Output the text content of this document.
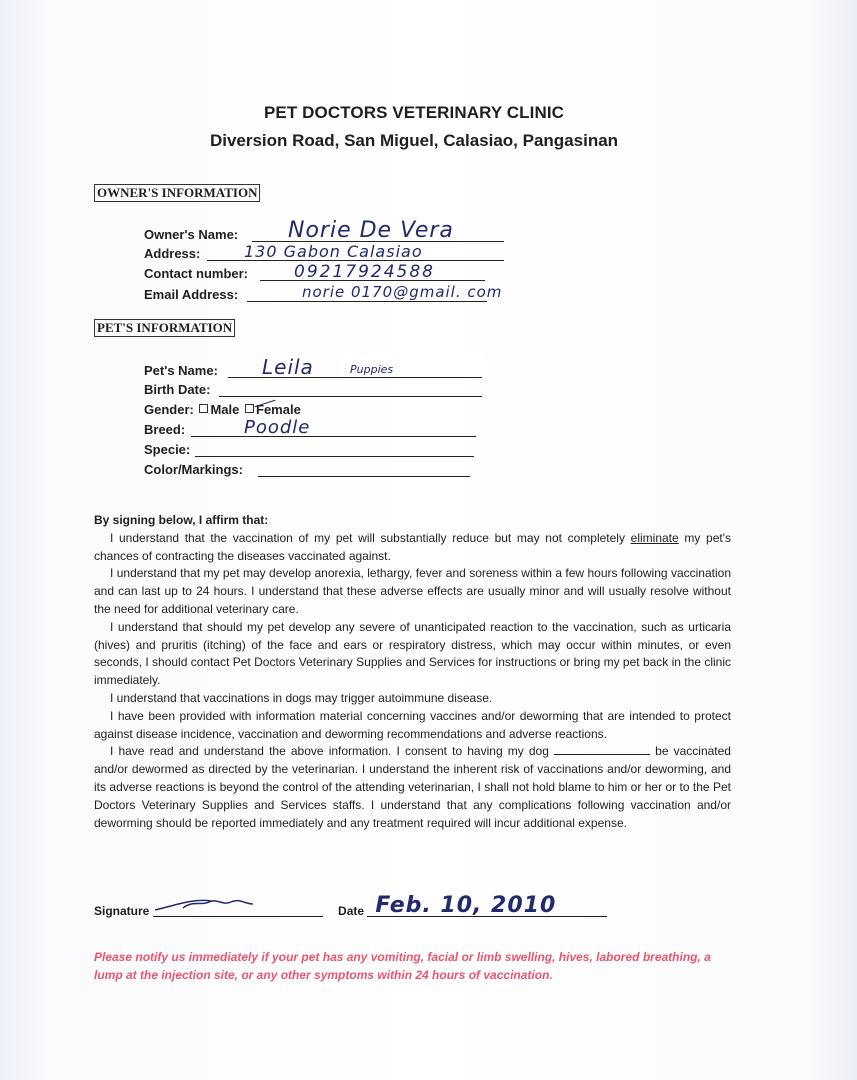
PET DOCTORS VETERINARY CLINIC
Diversion Road, San Miguel, Calasiao, Pangasinan
OWNER'S INFORMATION
Owner's Name: Norie De Vera
Address:	130 Gabon Calasiao
Contact number:	09217924588
Email Address:	norie 0170@gmail. com
PET'S INFORMATION
Pet's Name: Leila	Puppies
Birth Date:
Gender: Male Female
Breed:	Poodle
Specie:
Color/Markings:

By signing below, I affirm that:

I understand that the vaccination of my pet will substantially reduce but may not completely eliminate my pet's chances of contracting the diseases vaccinated against.

I understand that my pet may develop anorexia, lethargy, fever and soreness within a few hours following vaccination and can last up to 24 hours. I understand that these adverse effects are usually minor and will usually resolve without the need for additional veterinary care.

I understand that should my pet develop any severe of unanticipated reaction to the vaccination, such as urticaria (hives) and pruritis (itching) of the face and ears or respiratory distress, which may occur within minutes, or even seconds, I should contact Pet Doctors Veterinary Supplies and Services for instructions or bring my pet back in the clinic immediately.

I understand that vaccinations in dogs may trigger autoimmune disease.

I have been provided with information material concerning vaccines and/or deworming that are intended to protect against disease incidence, vaccination and deworming recommendations and adverse reactions.

I have read and understand the above information. I consent to having my dog	be vaccinated and/or dewormed as directed by the veterinarian. I understand the inherent risk of vaccinations and/or deworming, and its adverse reactions is beyond the control of the attending veterinarian, I shall not hold blame to him or her or to the Pet Doctors Veterinary Supplies and Services staffs. I understand that any complications following vaccination and/or deworming should be reported immediately and any treatment required will incur additional expense.

Signature	Date Feb. 10, 2010
Please notify us immediately if your pet has any vomiting, facial or limb swelling, hives, labored breathing, a lump at the injection site, or any other symptoms within 24 hours of vaccination.
